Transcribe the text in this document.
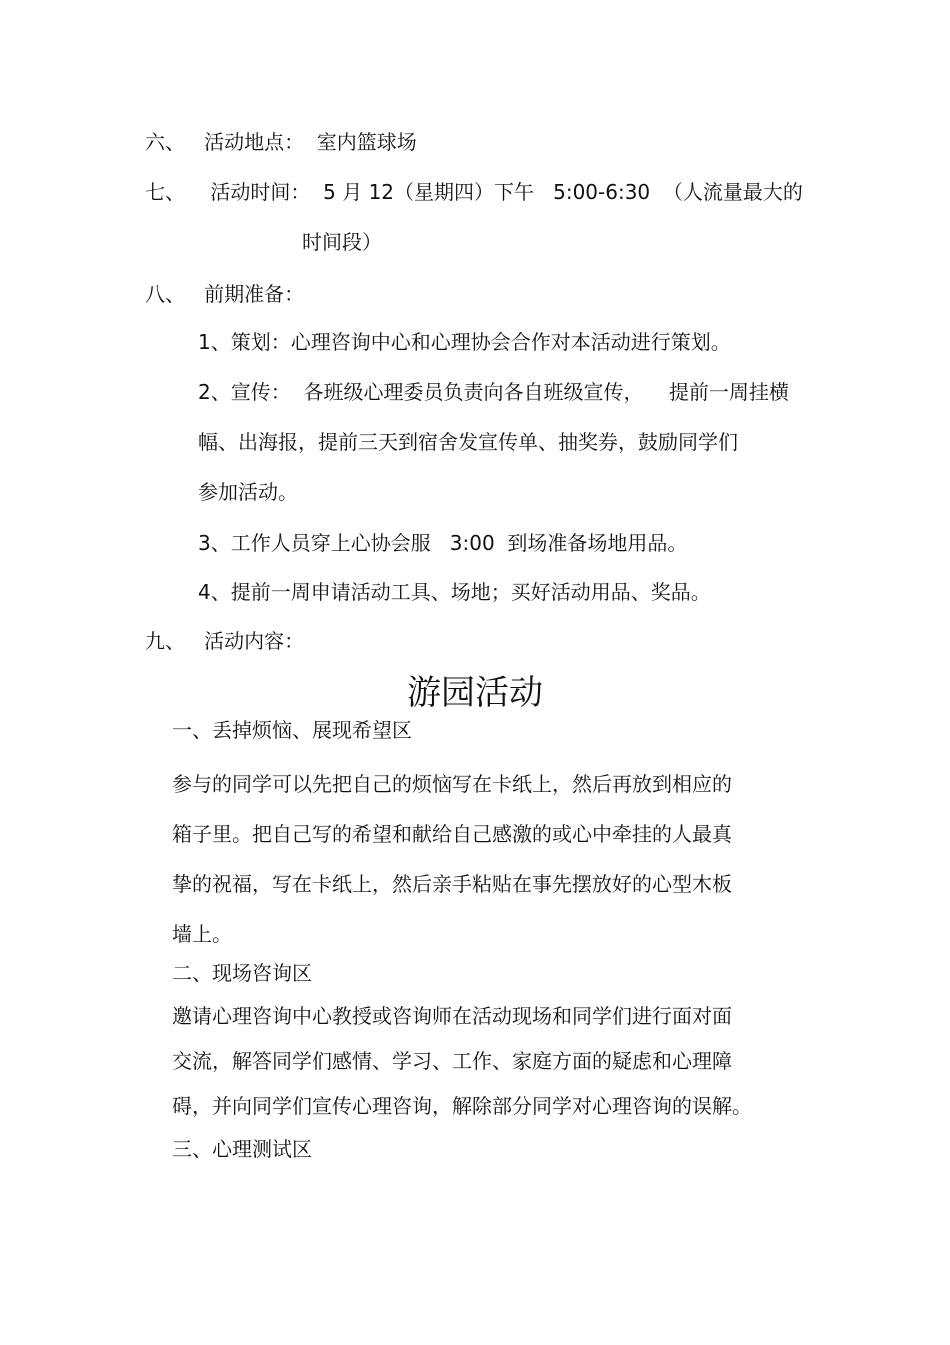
六、   活动地点：  室内篮球场
七、    活动时间：  5 月 12（星期四）下午   5:00-6:30  （人流量最大的
时间段）
八、   前期准备：
1、策划：心理咨询中心和心理协会合作对本活动进行策划。
2、宣传：  各班级心理委员负责向各自班级宣传，    提前一周挂横
幅、出海报，提前三天到宿舍发宣传单、抽奖券，鼓励同学们
参加活动。
3、工作人员穿上心协会服   3:00  到场准备场地用品。
4、提前一周申请活动工具、场地；买好活动用品、奖品。
九、   活动内容：
游园活动
一、丢掉烦恼、展现希望区
参与的同学可以先把自己的烦恼写在卡纸上，然后再放到相应的
箱子里。把自己写的希望和献给自己感激的或心中牵挂的人最真
挚的祝福，写在卡纸上，然后亲手粘贴在事先摆放好的心型木板
墙上。
二、现场咨询区
邀请心理咨询中心教授或咨询师在活动现场和同学们进行面对面
交流，解答同学们感情、学习、工作、家庭方面的疑虑和心理障
碍，并向同学们宣传心理咨询，解除部分同学对心理咨询的误解。
三、心理测试区
